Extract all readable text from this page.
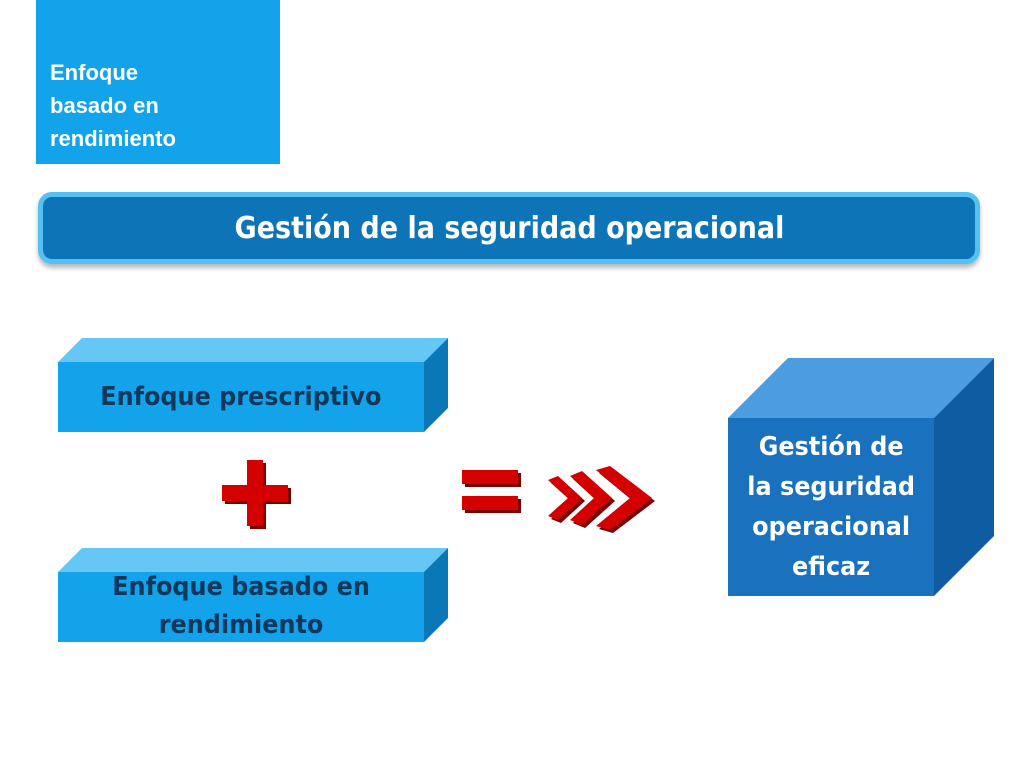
Enfoque
basado en
rendimiento
Gestión de la seguridad operacional
Enfoque prescriptivo
Enfoque basado en
rendimiento
Gestión de
la seguridad
operacional
eficaz
